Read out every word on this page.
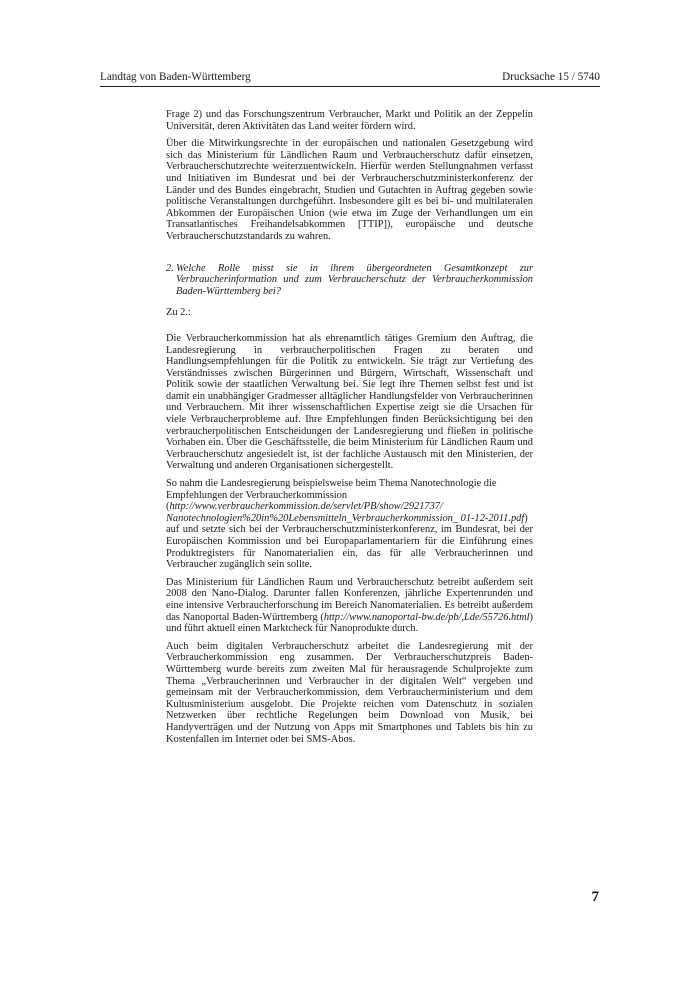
Landtag von Baden-Württemberg	Drucksache 15 / 5740

Frage 2) und das Forschungszentrum Verbraucher, Markt und Politik an der Zeppelin Universität, deren Aktivitäten das Land weiter fördern wird.

Über die Mitwirkungsrechte in der europäischen und nationalen Gesetzgebung wird sich das Ministerium für Ländlichen Raum und Verbraucherschutz dafür einsetzen, Verbraucherschutzrechte weiterzuentwickeln. Hierfür werden Stellungnahmen verfasst und Initiativen im Bundesrat und bei der Verbraucherschutzministerkonferenz der Länder und des Bundes eingebracht, Studien und Gutachten in Auftrag gegeben sowie politische Veranstaltungen durchgeführt. Insbesondere gilt es bei bi- und multilateralen Abkommen der Europäischen Union (wie etwa im Zuge der Verhandlungen um ein Transatlantisches Freihandelsabkommen [TTIP]), europäische und deutsche Verbraucherschutzstandards zu wahren.

2. Welche Rolle misst sie in ihrem übergeordneten Gesamtkonzept zur Verbraucherinformation und zum Verbraucherschutz der Verbraucherkommission Baden-Württemberg bei?
Zu 2.:

Die Verbraucherkommission hat als ehrenamtlich tätiges Gremium den Auftrag, die Landesregierung in verbraucherpolitischen Fragen zu beraten und Handlungsempfehlungen für die Politik zu entwickeln. Sie trägt zur Vertiefung des Verständnisses zwischen Bürgerinnen und Bürgern, Wirtschaft, Wissenschaft und Politik sowie der staatlichen Verwaltung bei. Sie legt ihre Themen selbst fest und ist damit ein unabhängiger Gradmesser alltäglicher Handlungsfelder von Verbraucherinnen und Verbrauchern. Mit ihrer wissenschaftlichen Expertise zeigt sie die Ursachen für viele Verbraucherprobleme auf. Ihre Empfehlungen finden Berücksichtigung bei den verbraucherpolitischen Entscheidungen der Landesregierung und fließen in politische Vorhaben ein. Über die Geschäftsstelle, die beim Ministerium für Ländlichen Raum und Verbraucherschutz angesiedelt ist, ist der fachliche Austausch mit den Ministerien, der Verwaltung und anderen Organisationen sichergestellt.

So nahm die Landesregierung beispielsweise beim Thema Nanotechnologie die Empfehlungen der Verbraucherkommission
(http://www.verbraucherkommission.de/servlet/PB/show/2921737/ Nanotechnologien%20in%20Lebensmitteln_Verbraucherkommission_ 01-12-2011.pdf)

auf und setzte sich bei der Verbraucherschutzministerkonferenz, im Bundesrat, bei der Europäischen Kommission und bei Europaparlamentariern für die Einführung eines Produktregisters für Nanomaterialien ein, das für alle Verbraucherinnen und Verbraucher zugänglich sein sollte.

Das Ministerium für Ländlichen Raum und Verbraucherschutz betreibt außerdem seit 2008 den Nano-Dialog. Darunter fallen Konferenzen, jährliche Expertenrunden und eine intensive Verbraucherforschung im Bereich Nanomaterialien. Es betreibt außerdem das Nanoportal Baden-Württemberg (http://www.nanoportal-bw.de/pb/,Lde/55726.html) und führt aktuell einen Marktcheck für Nanoprodukte durch.

Auch beim digitalen Verbraucherschutz arbeitet die Landesregierung mit der Verbraucherkommission eng zusammen. Der Verbraucherschutzpreis Baden-Württemberg wurde bereits zum zweiten Mal für herausragende Schulprojekte zum Thema „Verbraucherinnen und Verbraucher in der digitalen Welt“ vergeben und gemeinsam mit der Verbraucherkommission, dem Verbraucherministerium und dem Kultusministerium ausgelobt. Die Projekte reichen vom Datenschutz in sozialen Netzwerken über rechtliche Regelungen beim Download von Musik, bei Handyverträgen und der Nutzung von Apps mit Smartphones und Tablets bis hin zu Kostenfallen im Internet oder bei SMS-Abos.

7
